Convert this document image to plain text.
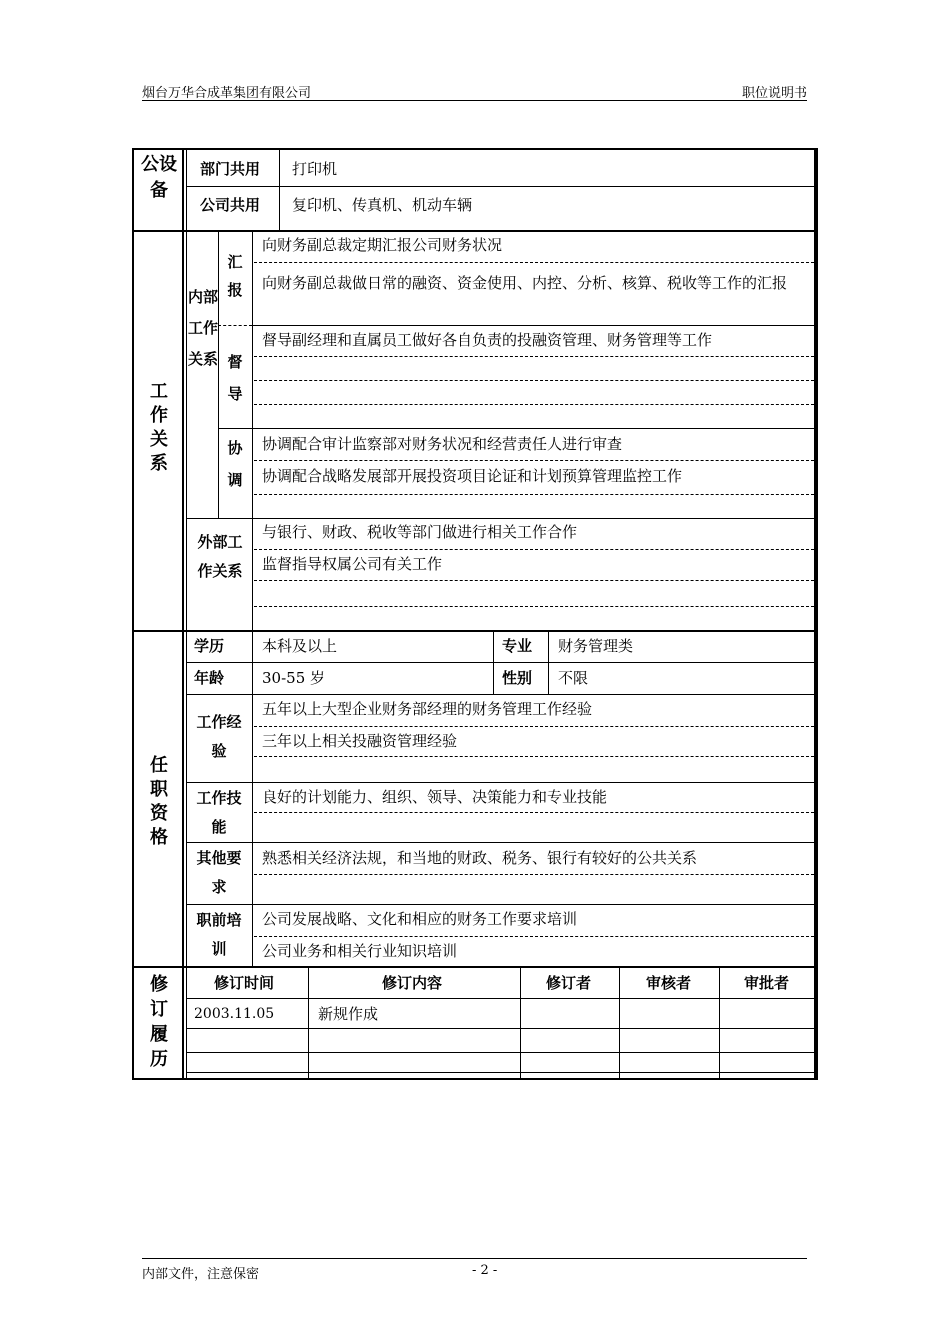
烟台万华合成革集团有限公司	职位说明书
公设备
部门共用 打印机
公司共用 复印机、传真机、机动车辆
工作关系
内部工作关系
汇报
向财务副总裁定期汇报公司财务状况
向财务副总裁做日常的融资、资金使用、内控、分析、核算、税收等工作的汇报
督导
督导副经理和直属员工做好各自负责的投融资管理、财务管理等工作
协调
协调配合审计监察部对财务状况和经营责任人进行审查
协调配合战略发展部开展投资项目论证和计划预算管理监控工作
外部工作关系
与银行、财政、税收等部门做进行相关工作合作
监督指导权属公司有关工作
任职资格
学历	本科及以上	专业 财务管理类
年龄	30-55 岁	性别 不限
工作经验
五年以上大型企业财务部经理的财务管理工作经验
三年以上相关投融资管理经验
工作技能
良好的计划能力、组织、领导、决策能力和专业技能
其他要求
熟悉相关经济法规，和当地的财政、税务、银行有较好的公共关系
职前培训
公司发展战略、文化和相应的财务工作要求培训
公司业务和相关行业知识培训
修订履历
修订时间	修订内容	修订者	审核者	审批者
2003.11.05	新规作成
内部文件，注意保密	- 2 -
